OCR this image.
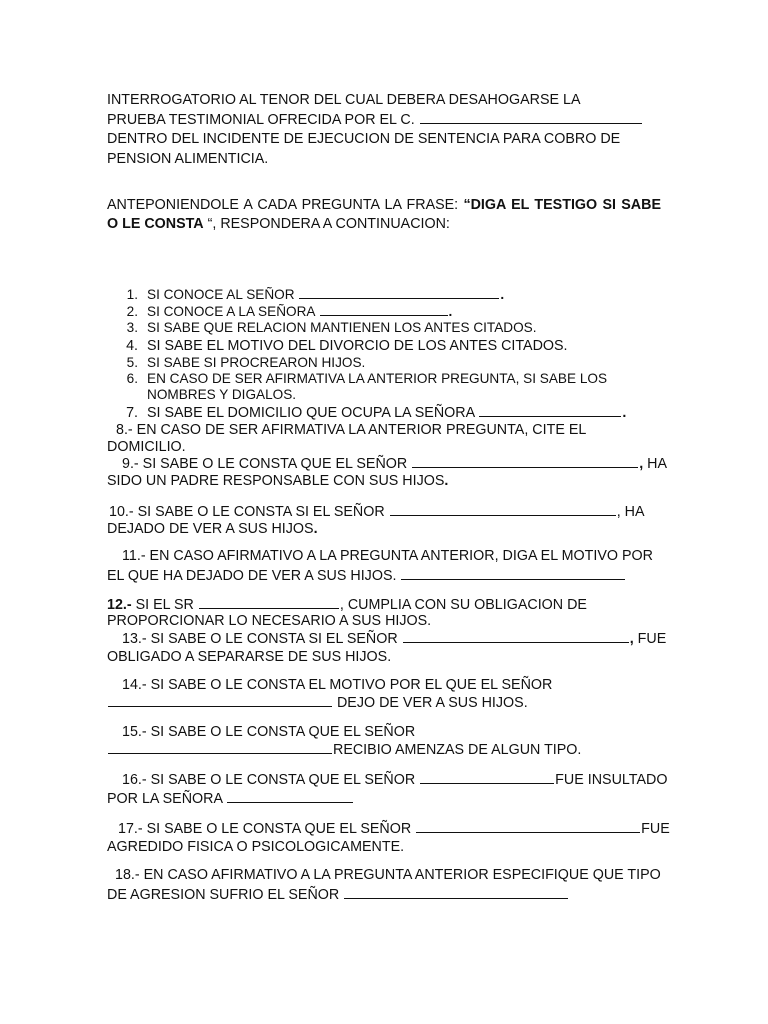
INTERROGATORIO AL TENOR DEL CUAL DEBERA DESAHOGARSE LA

PRUEBA TESTIMONIAL OFRECIDA POR EL C.

DENTRO DEL INCIDENTE DE EJECUCION DE SENTENCIA PARA COBRO DE

PENSION ALIMENTICIA.

ANTEPONIENDOLE A CADA PREGUNTA LA FRASE: “DIGA EL TESTIGO SI SABE O LE CONSTA “, RESPONDERA A CONTINUACION:

1. SI CONOCE AL SEÑOR	.

2. SI CONOCE A LA SEÑORA	.

3. SI SABE QUE RELACION MANTIENEN LOS ANTES CITADOS.

4. SI SABE EL MOTIVO DEL DIVORCIO DE LOS ANTES CITADOS.

5. SI SABE SI PROCREARON HIJOS.

6. EN CASO DE SER AFIRMATIVA LA ANTERIOR PREGUNTA, SI SABE LOS

NOMBRES Y DIGALOS.

7. SI SABE EL DOMICILIO QUE OCUPA LA SEÑORA	.

8.- EN CASO DE SER AFIRMATIVA LA ANTERIOR PREGUNTA, CITE EL

DOMICILIO.

9.- SI SABE O LE CONSTA QUE EL SEÑOR	, HA

SIDO UN PADRE RESPONSABLE CON SUS HIJOS.

10.- SI SABE O LE CONSTA SI EL SEÑOR	, HA

DEJADO DE VER A SUS HIJOS.

11.- EN CASO AFIRMATIVO A LA PREGUNTA ANTERIOR, DIGA EL MOTIVO POR

EL QUE HA DEJADO DE VER A SUS HIJOS.

12.- SI EL SR	, CUMPLIA CON SU OBLIGACION DE

PROPORCIONAR LO NECESARIO A SUS HIJOS.

13.- SI SABE O LE CONSTA SI EL SEÑOR	, FUE

OBLIGADO A SEPARARSE DE SUS HIJOS.

14.- SI SABE O LE CONSTA EL MOTIVO POR EL QUE EL SEÑOR

DEJO DE VER A SUS HIJOS.

15.- SI SABE O LE CONSTA QUE EL SEÑOR

RECIBIO AMENZAS DE ALGUN TIPO.

16.- SI SABE O LE CONSTA QUE EL SEÑOR	FUE INSULTADO

POR LA SEÑORA

17.- SI SABE O LE CONSTA QUE EL SEÑOR	FUE

AGREDIDO FISICA O PSICOLOGICAMENTE.

18.- EN CASO AFIRMATIVO A LA PREGUNTA ANTERIOR ESPECIFIQUE QUE TIPO

DE AGRESION SUFRIO EL SEÑOR
